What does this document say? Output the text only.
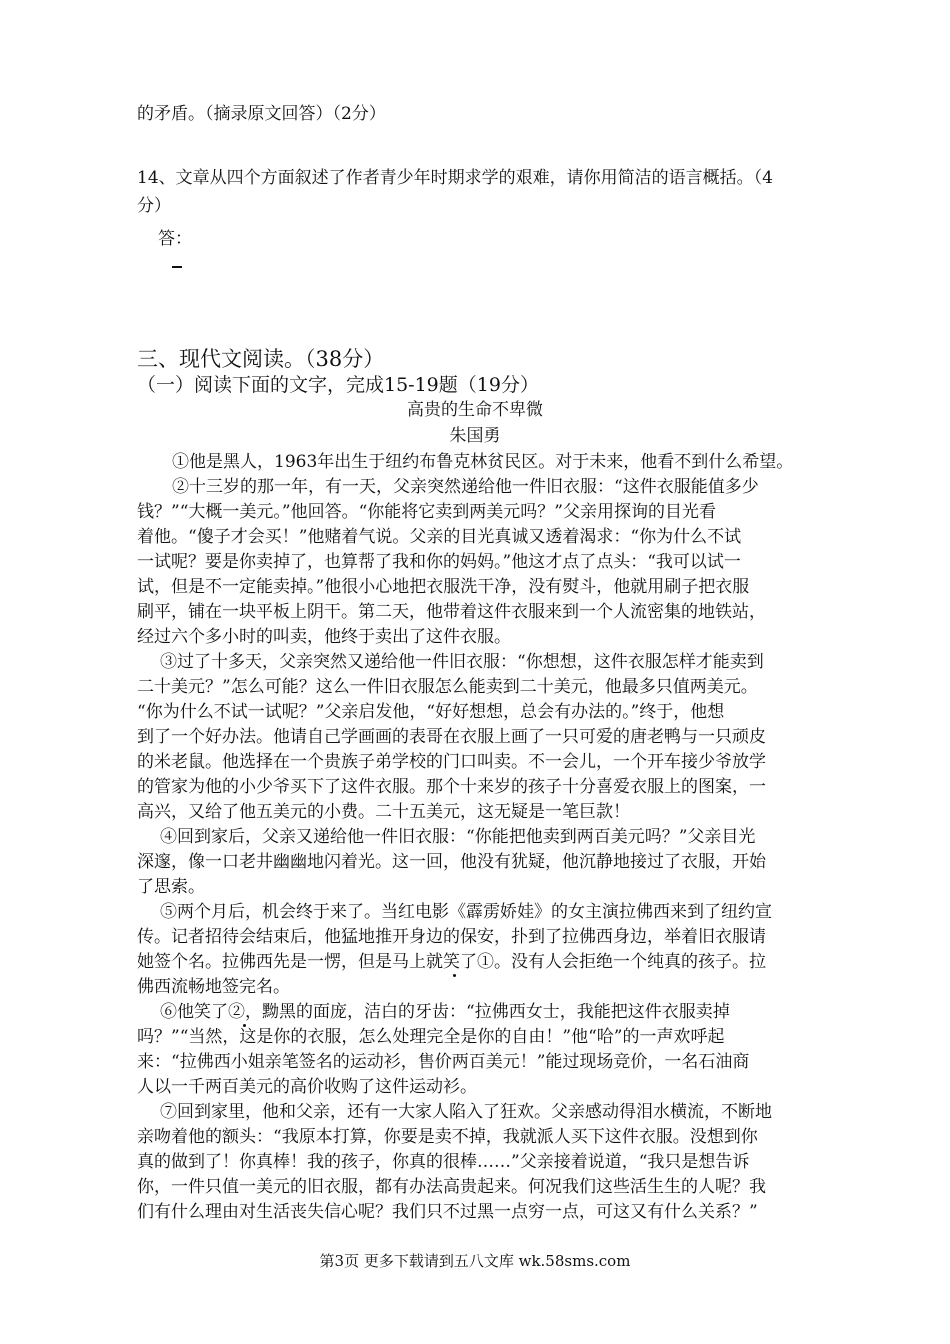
的矛盾。（摘录原文回答）（2分）
14、文章从四个方面叙述了作者青少年时期求学的艰难，请你用简洁的语言概括。（4
分）
答：
三、现代文阅读。（38分）
（一）阅读下面的文字，完成15-19题（19分）
高贵的生命不卑微
朱国勇
①他是黑人，1963年出生于纽约布鲁克林贫民区。对于未来，他看不到什么希望。
②十三岁的那一年，有一天，父亲突然递给他一件旧衣服：“这件衣服能值多少
钱？”“大概一美元。”他回答。“你能将它卖到两美元吗？”父亲用探询的目光看
着他。“傻子才会买！”他赌着气说。父亲的目光真诚又透着渴求：“你为什么不试
一试呢？要是你卖掉了，也算帮了我和你的妈妈。”他这才点了点头：“我可以试一
试，但是不一定能卖掉。”他很小心地把衣服洗干净，没有熨斗，他就用刷子把衣服
刷平，铺在一块平板上阴干。第二天，他带着这件衣服来到一个人流密集的地铁站，
经过六个多小时的叫卖，他终于卖出了这件衣服。
③过了十多天，父亲突然又递给他一件旧衣服：“你想想，这件衣服怎样才能卖到
二十美元？”怎么可能？这么一件旧衣服怎么能卖到二十美元，他最多只值两美元。
“你为什么不试一试呢？”父亲启发他，“好好想想，总会有办法的。”终于，他想
到了一个好办法。他请自己学画画的表哥在衣服上画了一只可爱的唐老鸭与一只顽皮
的米老鼠。他选择在一个贵族子弟学校的门口叫卖。不一会儿，一个开车接少爷放学
的管家为他的小少爷买下了这件衣服。那个十来岁的孩子十分喜爱衣服上的图案，一
高兴，又给了他五美元的小费。二十五美元，这无疑是一笔巨款！
④回到家后，父亲又递给他一件旧衣服：“你能把他卖到两百美元吗？”父亲目光
深邃，像一口老井幽幽地闪着光。这一回，他没有犹疑，他沉静地接过了衣服，开始
了思索。
⑤两个月后，机会终于来了。当红电影《霹雳娇娃》的女主演拉佛西来到了纽约宣
传。记者招待会结束后，他猛地推开身边的保安，扑到了拉佛西身边，举着旧衣服请
她签个名。拉佛西先是一愣，但是马上就笑了①。没有人会拒绝一个纯真的孩子。拉
佛西流畅地签完名。
⑥他笑了②，黝黑的面庞，洁白的牙齿：“拉佛西女士，我能把这件衣服卖掉
吗？”“当然，这是你的衣服，怎么处理完全是你的自由！”他“哈”的一声欢呼起
来：“拉佛西小姐亲笔签名的运动衫，售价两百美元！”能过现场竞价，一名石油商
人以一千两百美元的高价收购了这件运动衫。
⑦回到家里，他和父亲，还有一大家人陷入了狂欢。父亲感动得泪水横流，不断地
亲吻着他的额头：“我原本打算，你要是卖不掉，我就派人买下这件衣服。没想到你
真的做到了！你真棒！我的孩子，你真的很棒……”父亲接着说道，“我只是想告诉
你，一件只值一美元的旧衣服，都有办法高贵起来。何况我们这些活生生的人呢？我
们有什么理由对生活丧失信心呢？我们只不过黑一点穷一点，可这又有什么关系？”
第3页 更多下载请到五八文库 wk.58sms.com
